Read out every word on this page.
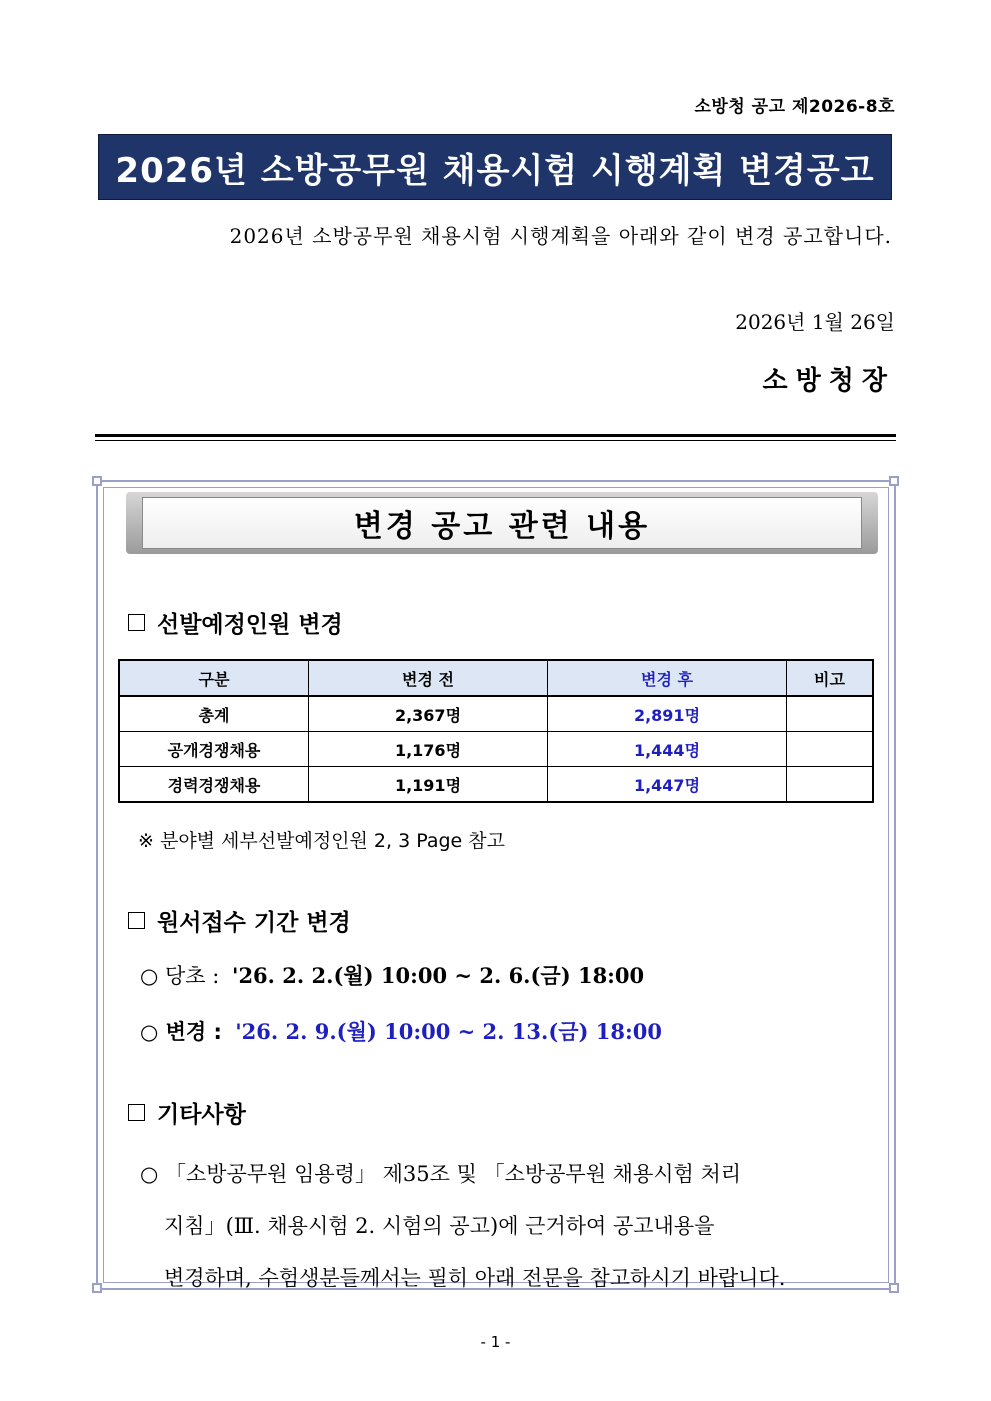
소방청 공고 제2026-8호
2026년 소방공무원 채용시험 시행계획 변경공고
2026년 소방공무원 채용시험 시행계획을 아래와 같이 변경 공고합니다.
2026년 1월 26일
소방청장
변경 공고 관련 내용
선발예정인원 변경
구분	변경 전	변경 후	비고
총계	2,367명	2,891명	
공개경쟁채용	1,176명	1,444명	
경력경쟁채용	1,191명	1,447명	
※ 분야별 세부선발예정인원 2, 3 Page 참고
원서접수 기간 변경
○ 당초 : '26. 2. 2.(월) 10:00 ~ 2. 6.(금) 18:00
○ 변경 : '26. 2. 9.(월) 10:00 ~ 2. 13.(금) 18:00
기타사항
○ 「소방공무원 임용령」 제35조 및 「소방공무원 채용시험 처리
지침」(Ⅲ. 채용시험 2. 시험의 공고)에 근거하여 공고내용을
변경하며, 수험생분들께서는 필히 아래 전문을 참고하시기 바랍니다.
- 1 -
